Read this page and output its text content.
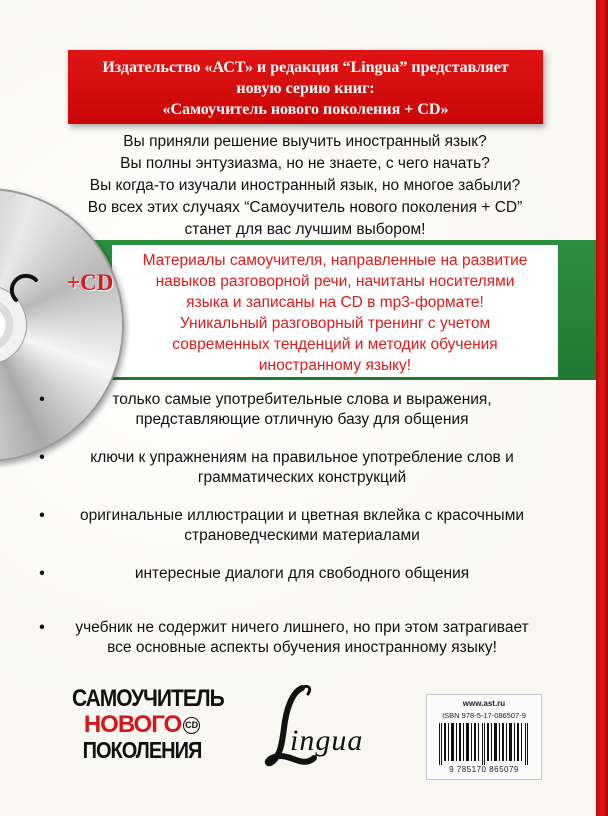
Издательство «АСТ» и редакция “Lingua” представляет
новую серию книг:
«Самоучитель нового поколения + CD»
Вы приняли решение выучить иностранный язык?
Вы полны энтузиазма, но не знаете, с чего начать?
Вы когда-то изучали иностранный язык, но многое забыли?
Во всех этих случаях “Самоучитель нового поколения + CD”
станет для вас лучшим выбором!
+CD
Материалы самоучителя, направленные на развитие
навыков разговорной речи, начитаны носителями
языка и записаны на CD в mp3-формате!
Уникальный разговорный тренинг с учетом
современных тенденций и методик обучения
иностранному языку!
•	только самые употребительные слова и выражения,
представляющие отличную базу для общения
•	ключи к упражнениям на правильное употребление слов и
грамматических конструкций
•	оригинальные иллюстрации и цветная вклейка с красочными
страноведческими материалами
•	интересные диалоги для свободного общения
•	учебник не содержит ничего лишнего, но при этом затрагивает
все основные аспекты обучения иностранному языку!
САМОУЧИТЕЛЬ
НОВОГО CD
ПОКОЛЕНИЯ	ingua
www.ast.ru
ISBN 978-5-17-086507-9
9 785170 865079
